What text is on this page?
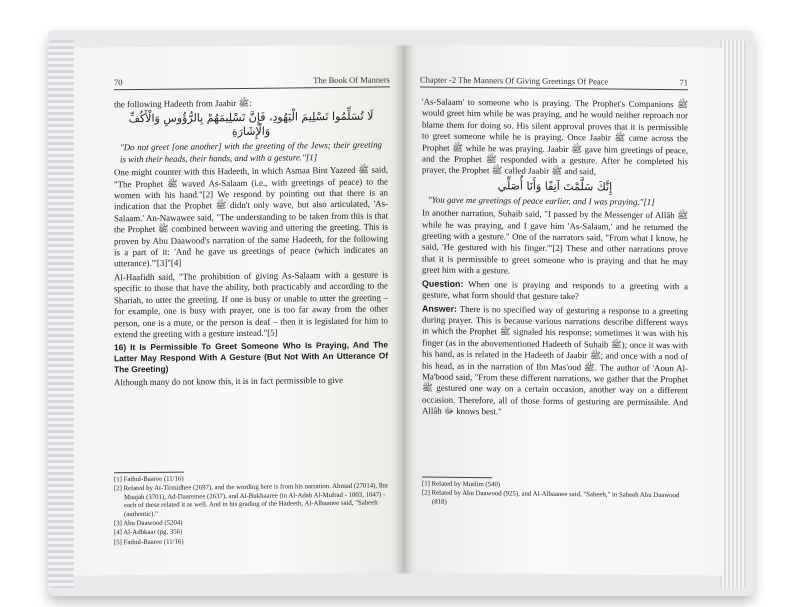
70	The Book Of Manners

the following Hadeeth from Jaabir ﷺ:

لَا تُسَلِّمُوا تَسْلِيمَ الْيَهُودِ، فَإِنَّ تَسْلِيمَهُمْ بِالرُّؤُوسِ وَالْأَكُفِّ وَالْإِشَارَةِ

"Do not greet [one another] with the greeting of the Jews; their greeting is with their heads, their hands, and with a gesture."[1]

One might counter with this Hadeeth, in which Asmaa Bint Yazeed ﷺ said, "The Prophet ﷺ waved As-Salaam (i.e., with greetings of peace) to the women with his hand."[2] We respond by pointing out that there is an indication that the Prophet ﷺ didn't only wave, but also articulated, 'As-Salaam.' An-Nawawee said, "The understanding to be taken from this is that the Prophet ﷺ combined between waving and uttering the greeting. This is proven by Abu Daawood's narration of the same Hadeeth, for the following is a part of it: 'And he gave us greetings of peace (which indicates an utterance).'"[3]"[4]

Al-Haafidh said, "The prohibition of giving As-Salaam with a gesture is specific to those that have the ability, both practicably and according to the Shariah, to utter the greeting. If one is busy or unable to utter the greeting – for example, one is busy with prayer, one is too far away from the other person, one is a mute, or the person is deaf – then it is legislated for him to extend the greeting with a gesture instead."[5]

16) It Is Permissible To Greet Someone Who Is Praying, And The Latter May Respond With A Gesture (But Not With An Utterance Of The Greeting)

Although many do not know this, it is in fact permissible to give

[1] Fathul-Baaree (11/16)
[2] Related by At-Tirmidhee (2697), and the wording here is from his narration. Ahmad (27014), Ibn Maajah (3701), Ad-Daaremee (2637), and Al-Bukhaaree (in Al-Adab Al-Mufrad - 1003, 1047) - each of these related it as well. And in his grading of the Hadeeth, Al-Albaanee said, "Saheeh (authentic)."
[3] Abu Daawood (5204)
[4] Al-Adhkaar (pg. 356)
[5] Fathul-Baaree (11/16)
Chapter -2 The Manners Of Giving Greetings Of Peace	71

'As-Salaam' to someone who is praying. The Prophet's Companions ﷺ would greet him while he was praying, and he would neither reproach nor blame them for doing so. His silent approval proves that it is permissible to greet someone while he is praying. Once Jaabir ﷺ came across the Prophet ﷺ while he was praying. Jaabir ﷺ gave him greetings of peace, and the Prophet ﷺ responded with a gesture. After he completed his prayer, the Prophet ﷺ called Jaabir ﷺ and said,

إِنَّكَ سَلَّمْتَ آنِفًا وَأَنَا أُصَلِّي

"You gave me greetings of peace earlier, and I was praying."[1]

In another narration, Suhaib said, "I passed by the Messenger of Allâh ﷺ while he was praying, and I gave him 'As-Salaam,' and he returned the greeting with a gesture." One of the narrators said, "From what I know, he said, 'He gestured with his finger.'"[2] These and other narrations prove that it is permissible to greet someone who is praying and that he may greet him with a gesture.

Question: When one is praying and responds to a greeting with a gesture, what form should that gesture take?

Answer: There is no specified way of gesturing a response to a greeting during prayer. This is because various narrations describe different ways in which the Prophet ﷺ signaled his response; sometimes it was with his finger (as in the abovementioned Hadeeth of Suhaib ﷺ); once it was with his hand, as is related in the Hadeeth of Jaabir ﷺ; and once with a nod of his head, as in the narration of Ibn Mas'ood ﷺ. The author of 'Aoun Al-Ma'bood said, "From these different narrations, we gather that the Prophet ﷺ gestured one way on a certain occasion, another way on a different occasion. Therefore, all of those forms of gesturing are permissible. And Allâh ﷻ knows best."

[1] Related by Muslim (540)
[2] Related by Abu Daawood (925), and Al-Albaanee said, "Saheeh," in Saheeh Abu Daawood (818)
